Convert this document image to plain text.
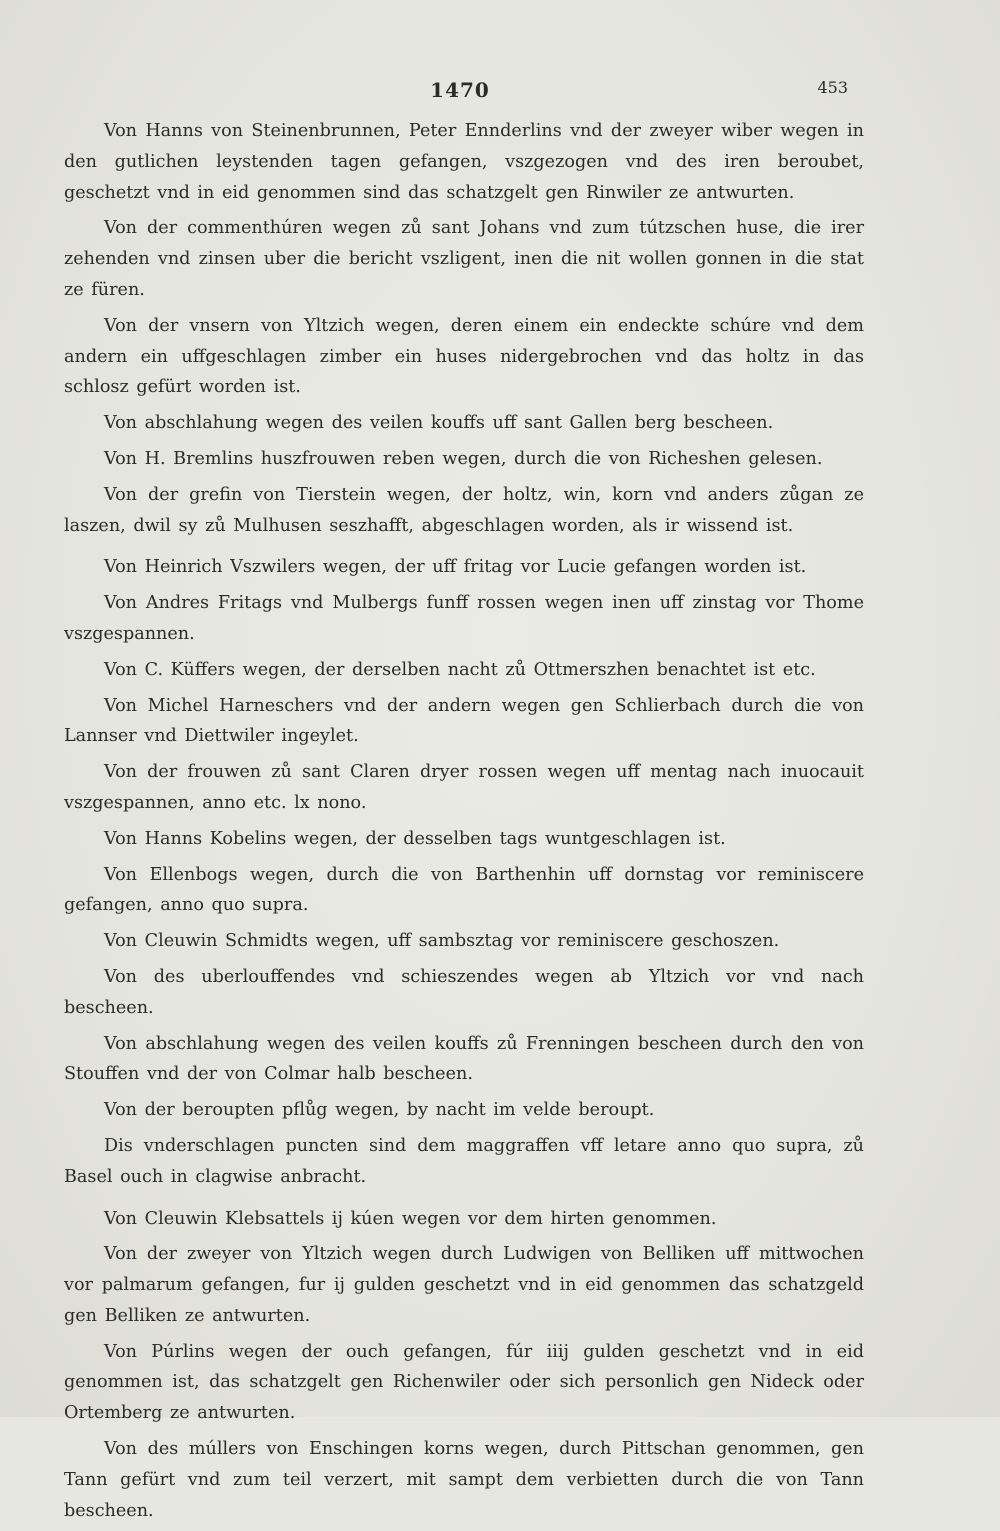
1470	453

Von Hanns von Steinenbrunnen, Peter Ennderlins vnd der zweyer wiber wegen in den gutlichen leystenden tagen gefangen, vszgezogen vnd des iren beroubet, geschetzt vnd in eid genommen sind das schatzgelt gen Rinwiler ze antwurten.

Von der commenthúren wegen zů sant Johans vnd zum tútzschen huse, die irer zehenden vnd zinsen uber die bericht vszligent, inen die nit wollen gonnen in die stat ze füren.

Von der vnsern von Yltzich wegen, deren einem ein endeckte schúre vnd dem andern ein uffgeschlagen zimber ein huses nidergebrochen vnd das holtz in das schlosz gefürt worden ist.

Von abschlahung wegen des veilen kouffs uff sant Gallen berg bescheen.

Von H. Bremlins huszfrouwen reben wegen, durch die von Richeshen gelesen.

Von der grefin von Tierstein wegen, der holtz, win, korn vnd anders zůgan ze laszen, dwil sy zů Mulhusen seszhafft, abgeschlagen worden, als ir wissend ist.

Von Heinrich Vszwilers wegen, der uff fritag vor Lucie gefangen worden ist.

Von Andres Fritags vnd Mulbergs funff rossen wegen inen uff zinstag vor Thome vszgespannen.

Von C. Küffers wegen, der derselben nacht zů Ottmerszhen benachtet ist etc.

Von Michel Harneschers vnd der andern wegen gen Schlierbach durch die von Lannser vnd Diettwiler ingeylet.

Von der frouwen zů sant Claren dryer rossen wegen uff mentag nach inuocauit vszgespannen, anno etc. lx nono.

Von Hanns Kobelins wegen, der desselben tags wuntgeschlagen ist.

Von Ellenbogs wegen, durch die von Barthenhin uff dornstag vor reminiscere gefangen, anno quo supra.

Von Cleuwin Schmidts wegen, uff sambsztag vor reminiscere geschoszen.

Von des uberlouffendes vnd schieszendes wegen ab Yltzich vor vnd nach bescheen.

Von abschlahung wegen des veilen kouffs zů Frenningen bescheen durch den von Stouffen vnd der von Colmar halb bescheen.

Von der beroupten pflůg wegen, by nacht im velde beroupt.

Dis vnderschlagen puncten sind dem maggraffen vff letare anno quo supra, zů Basel ouch in clagwise anbracht.

Von Cleuwin Klebsattels ij kúen wegen vor dem hirten genommen.

Von der zweyer von Yltzich wegen durch Ludwigen von Belliken uff mittwochen vor palmarum gefangen, fur ij gulden geschetzt vnd in eid genommen das schatzgeld gen Belliken ze antwurten.

Von Púrlins wegen der ouch gefangen, fúr iiij gulden geschetzt vnd in eid genommen ist, das schatzgelt gen Richenwiler oder sich personlich gen Nideck oder Ortemberg ze antwurten.

Von des múllers von Enschingen korns wegen, durch Pittschan genommen, gen Tann gefürt vnd zum teil verzert, mit sampt dem verbietten durch die von Tann bescheen.
